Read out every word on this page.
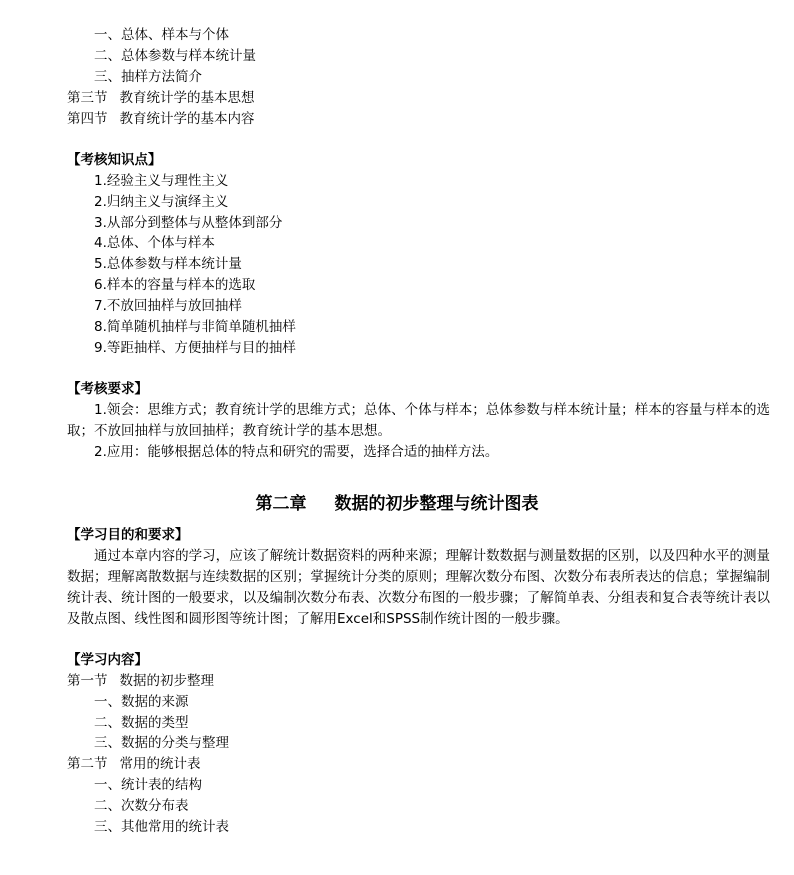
一、总体、样本与个体
二、总体参数与样本统计量
三、抽样方法简介
第三节 教育统计学的基本思想
第四节 教育统计学的基本内容
【考核知识点】
1.经验主义与理性主义
2.归纳主义与演绎主义
3.从部分到整体与从整体到部分
4.总体、个体与样本
5.总体参数与样本统计量
6.样本的容量与样本的选取
7.不放回抽样与放回抽样
8.简单随机抽样与非简单随机抽样
9.等距抽样、方便抽样与目的抽样
【考核要求】
1.领会：思维方式；教育统计学的思维方式；总体、个体与样本；总体参数与样本统计量；样本的容量与样本的选取；不放回抽样与放回抽样；教育统计学的基本思想。
2.应用：能够根据总体的特点和研究的需要，选择合适的抽样方法。
第二章 数据的初步整理与统计图表
【学习目的和要求】
通过本章内容的学习，应该了解统计数据资料的两种来源；理解计数数据与测量数据的区别，以及四种水平的测量数据；理解离散数据与连续数据的区别；掌握统计分类的原则；理解次数分布图、次数分布表所表达的信息；掌握编制统计表、统计图的一般要求，以及编制次数分布表、次数分布图的一般步骤；了解简单表、分组表和复合表等统计表以及散点图、线性图和圆形图等统计图；了解用Excel和SPSS制作统计图的一般步骤。
【学习内容】
第一节 数据的初步整理
一、数据的来源
二、数据的类型
三、数据的分类与整理
第二节 常用的统计表
一、统计表的结构
二、次数分布表
三、其他常用的统计表
